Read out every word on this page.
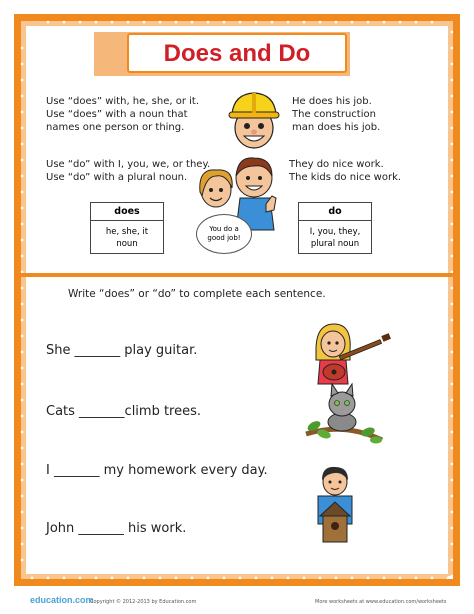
Does and Do
Use “does” with, he, she, or it.
Use “does” with a noun that
names one person or thing.
He does his job.
The construction
man does his job.
Use “do” with I, you, we, or they.
Use “do” with a plural noun.
They do nice work.
The kids do nice work.
You do a
good job!
does
he, she, it
noun
do
I, you, they,
plural noun
Write “does” or “do” to complete each sentence.
She _______ play guitar.
Cats _______climb trees.
I _______ my homework every day.
John _______ his work.
education.com
Copyright © 2012-2013 by Education.com	More worksheets at www.education.com/worksheets
